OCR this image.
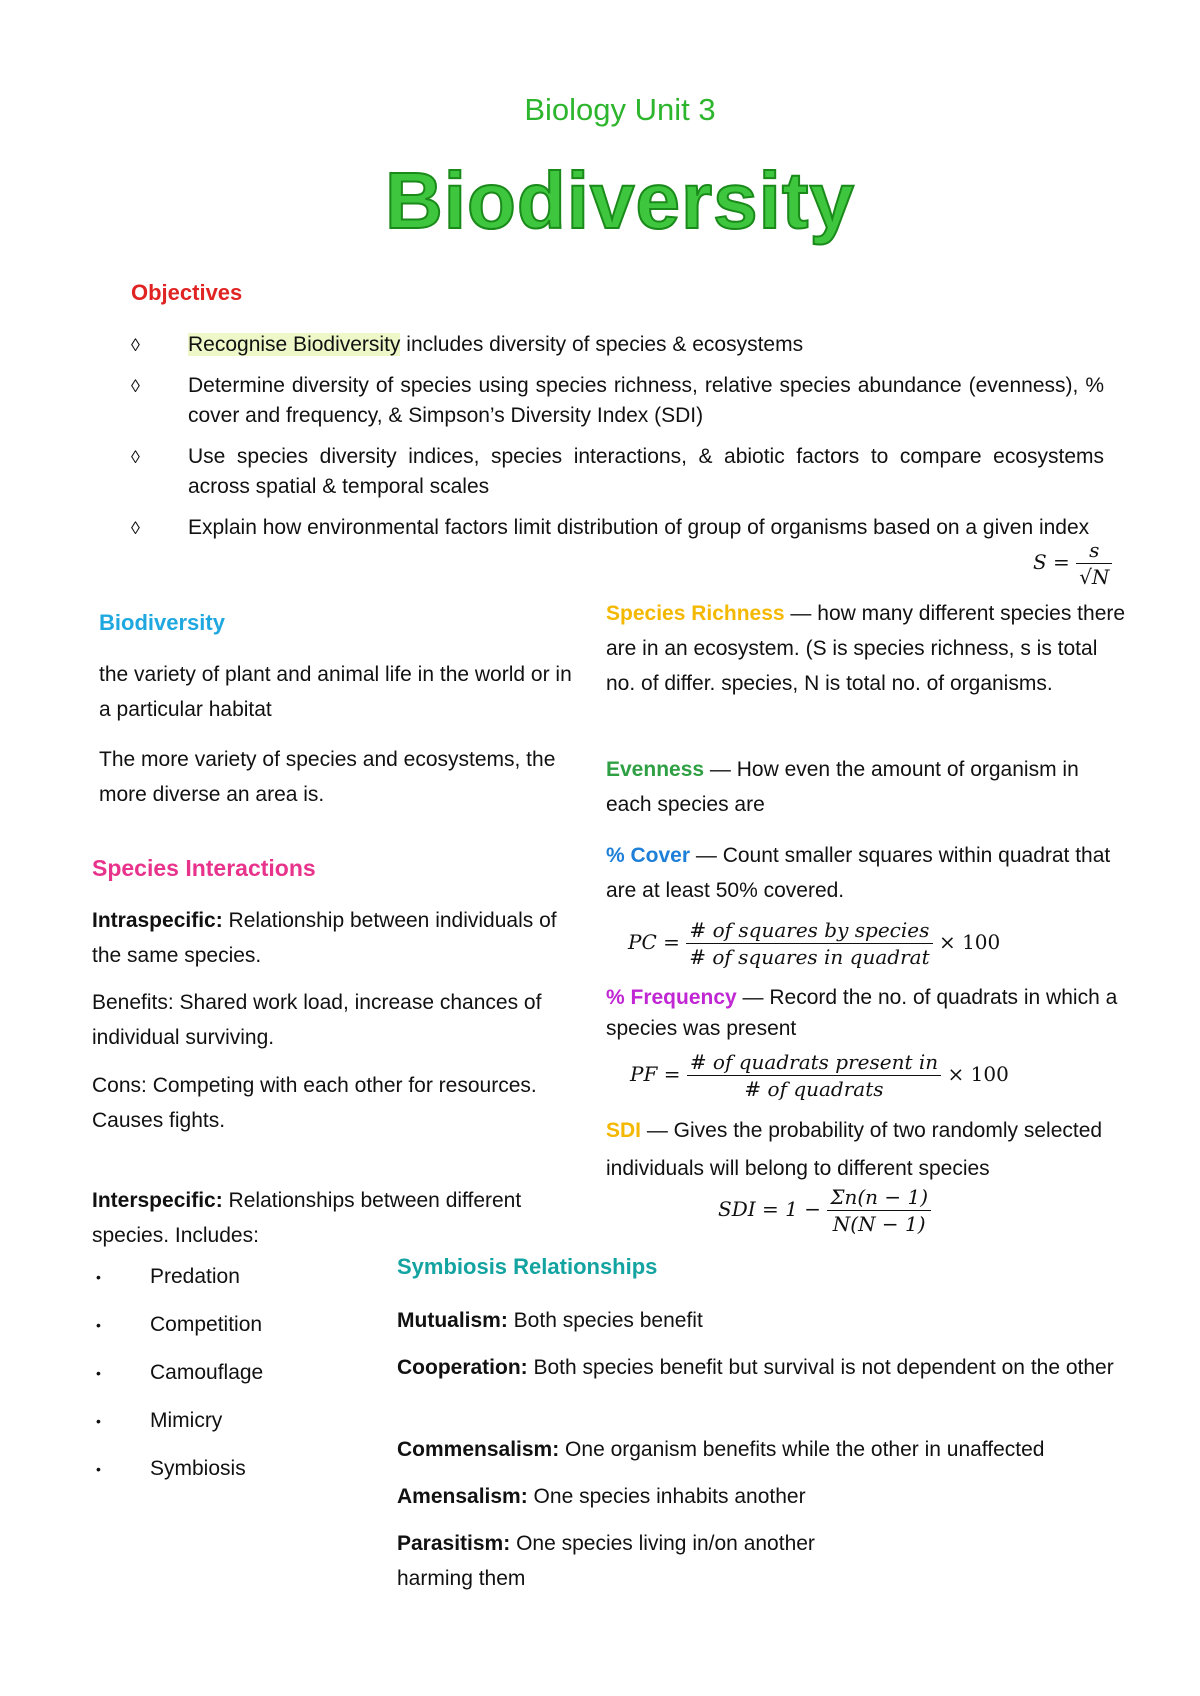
Biology Unit 3
Biodiversity
Objectives
◊ Recognise Biodiversity includes diversity of species & ecosystems
◊ Determine diversity of species using species richness, relative species abundance (evenness), % cover and frequency, & Simpson’s Diversity Index (SDI)
◊ Use species diversity indices, species interactions, & abiotic factors to compare ecosystems across spatial & temporal scales
◊ Explain how environmental factors limit distribution of group of organisms based on a given index
$S = \frac{s}{√N}$
Biodiversity

the variety of plant and animal life in the world or in a particular habitat

The more variety of species and ecosystems, the more diverse an area is.

Species Interactions

Intraspecific: Relationship between individuals of the same species.

Benefits: Shared work load, increase chances of individual surviving.

Cons: Competing with each other for resources. Causes fights.

Interspecific: Relationships between different species. Includes:

• Predation
• Competition
• Camouflage
• Mimicry
• Symbiosis

Species Richness — how many different species there are in an ecosystem. (S is species richness, s is total no. of differ. species, N is total no. of organisms.

Evenness — How even the amount of organism in each species are

% Cover — Count smaller squares within quadrat that are at least 50% covered.

PC = $\frac{\text{\# of squares by species}}{\text{\# of squares in quadrat}} \times 100$

% Frequency — Record the no. of quadrats in which a species was present

PF = $\frac{\text{\# of quadrats present in}}{\text{\# of quadrats}} \times 100$

SDI — Gives the probability of two randomly selected individuals will belong to different species

SDI = $1 - \frac{\Sigma n(n - 1)}{N(N - 1)}$
Symbiosis Relationships

Mutualism: Both species benefit

Cooperation: Both species benefit but survival is not dependent on the other

Commensalism: One organism benefits while the other in unaffected

Amensalism: One species inhabits another

Parasitism: One species living in/on another harming them
